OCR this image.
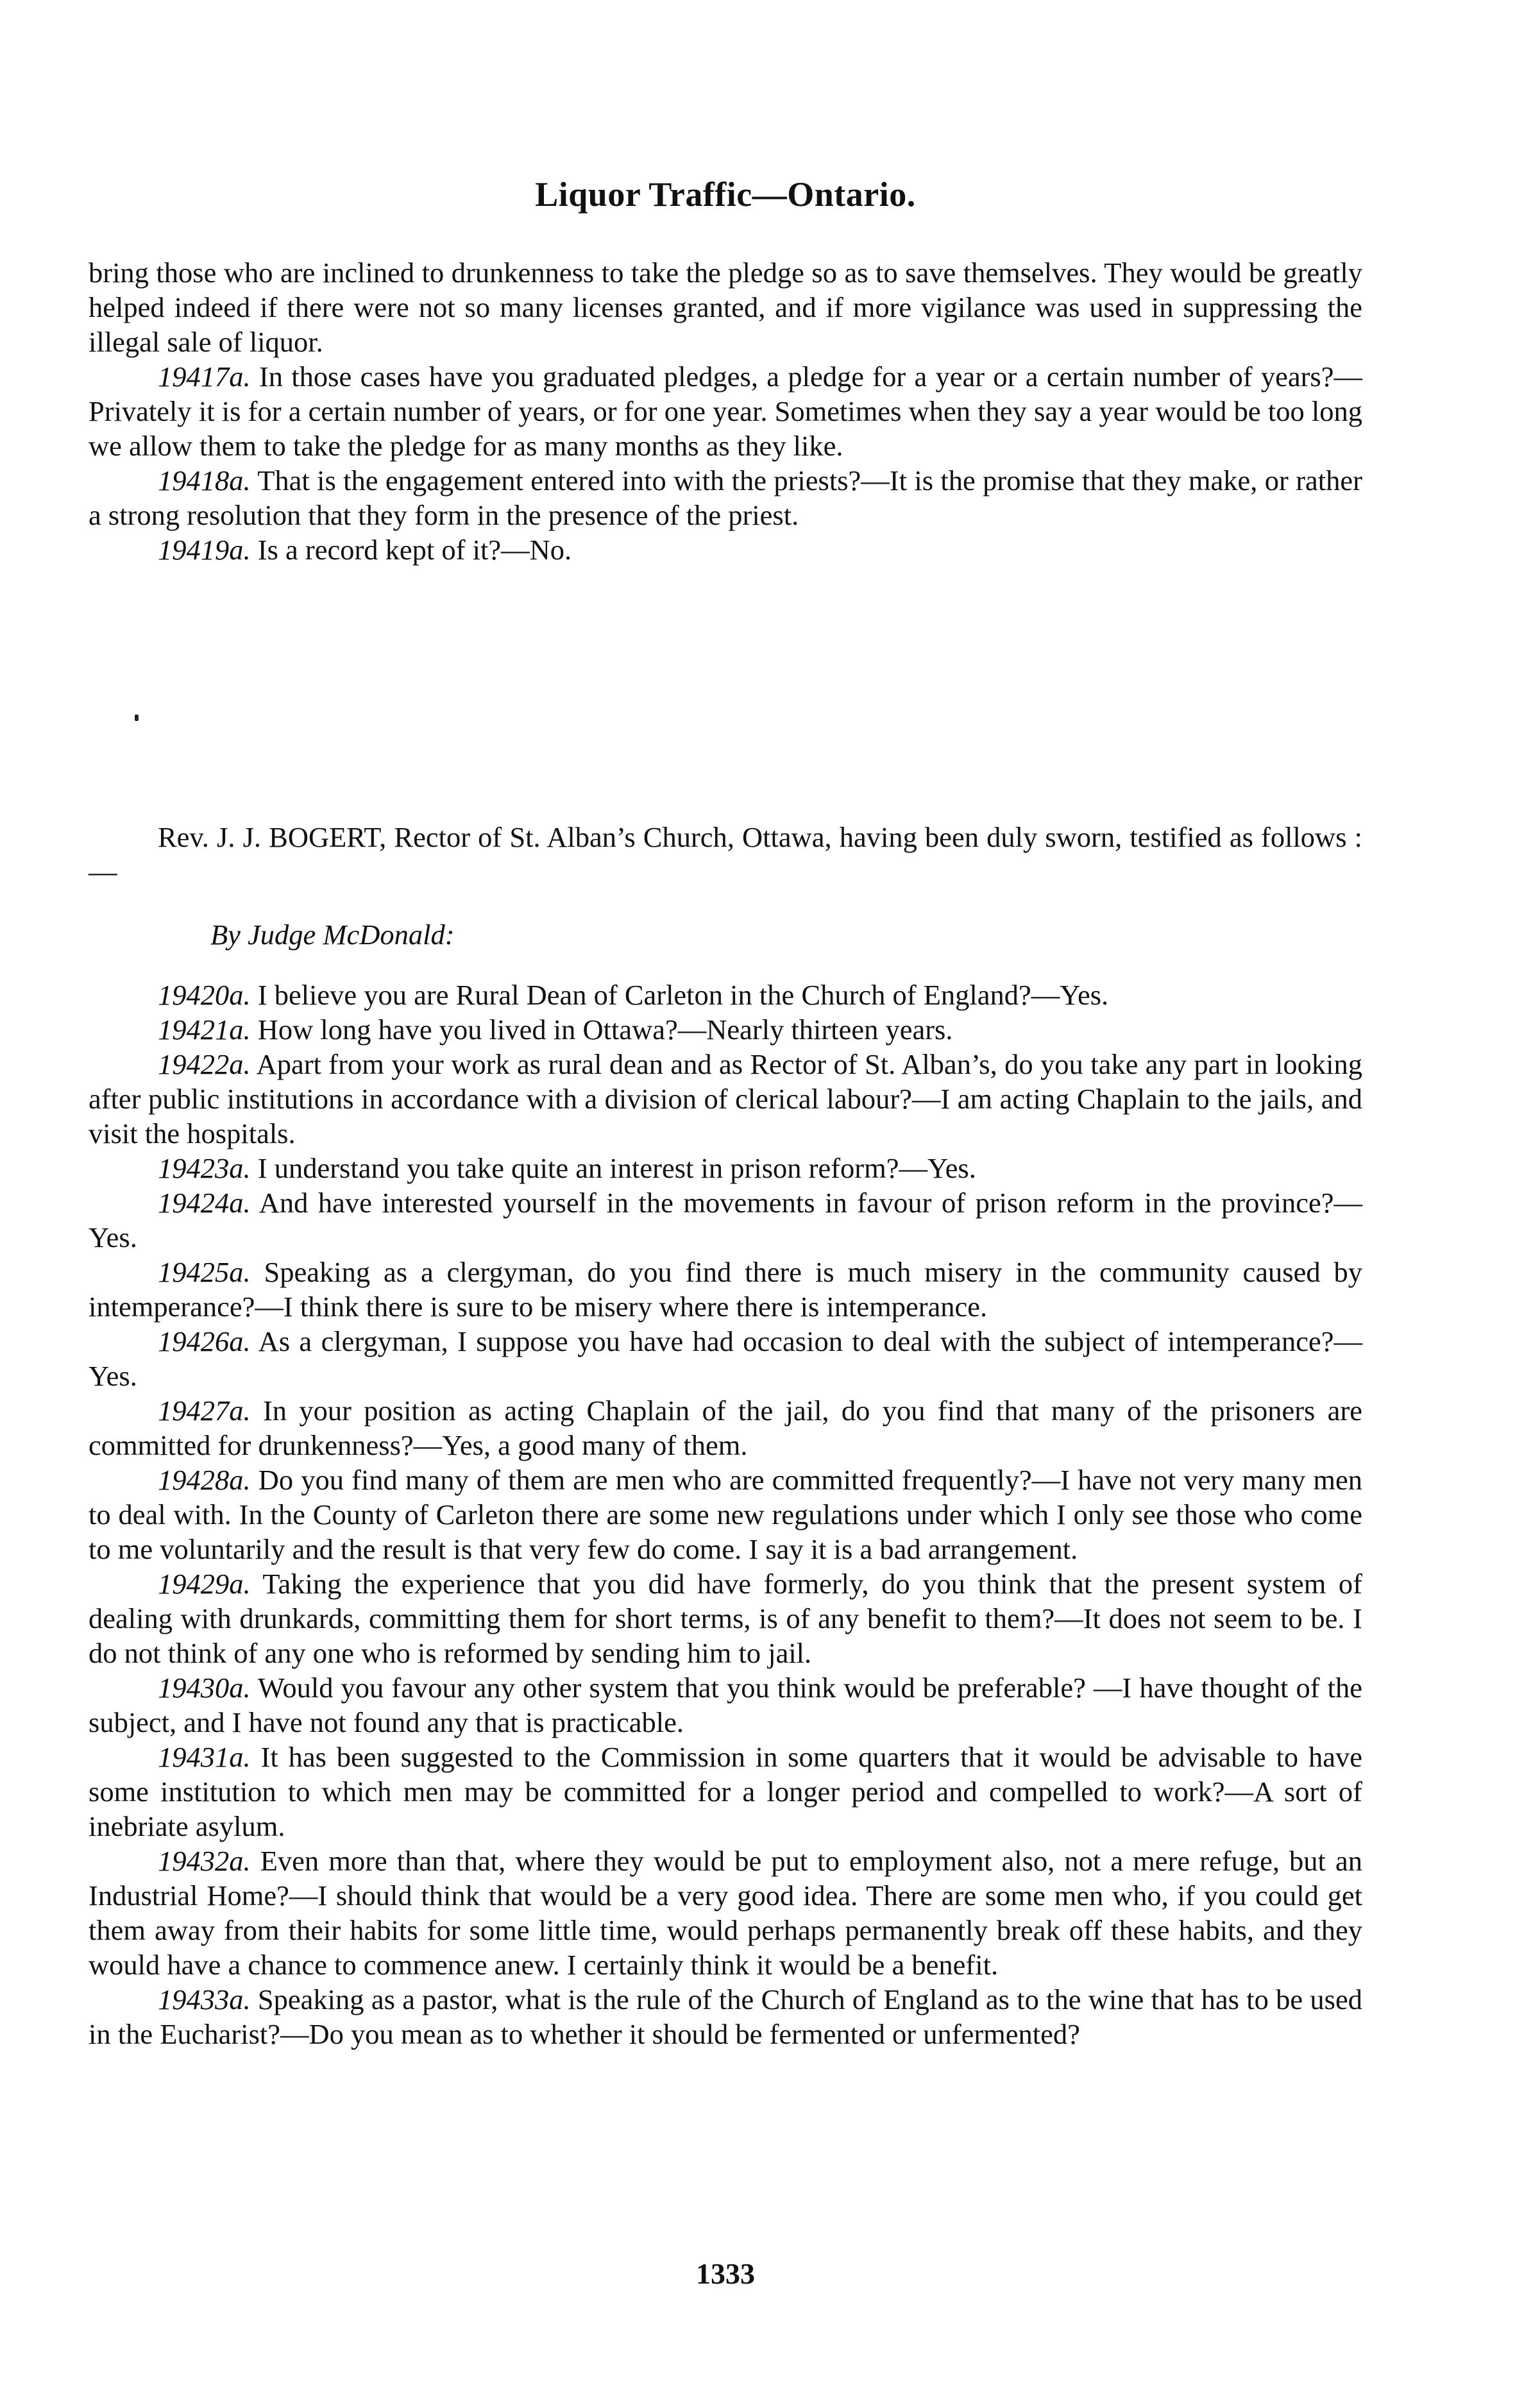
Liquor Traffic—Ontario.

bring those who are inclined to drunkenness to take the pledge so as to save themselves. They would be greatly helped indeed if there were not so many licenses granted, and if more vigilance was used in suppressing the illegal sale of liquor.

19417a. In those cases have you graduated pledges, a pledge for a year or a certain number of years?—Privately it is for a certain number of years, or for one year. Sometimes when they say a year would be too long we allow them to take the pledge for as many months as they like.

19418a. That is the engagement entered into with the priests?—It is the promise that they make, or rather a strong resolution that they form in the presence of the priest.

19419a. Is a record kept of it?—No.

Rev. J. J. BOGERT, Rector of St. Alban’s Church, Ottawa, having been duly sworn, testified as follows :—

By Judge McDonald:

19420a. I believe you are Rural Dean of Carleton in the Church of England?—Yes.

19421a. How long have you lived in Ottawa?—Nearly thirteen years.

19422a. Apart from your work as rural dean and as Rector of St. Alban’s, do you take any part in looking after public institutions in accordance with a division of clerical labour?—I am acting Chaplain to the jails, and visit the hospitals.

19423a. I understand you take quite an interest in prison reform?—Yes.

19424a. And have interested yourself in the movements in favour of prison reform in the province?—Yes.

19425a. Speaking as a clergyman, do you find there is much misery in the community caused by intemperance?—I think there is sure to be misery where there is intemperance.

19426a. As a clergyman, I suppose you have had occasion to deal with the subject of intemperance?—Yes.

19427a. In your position as acting Chaplain of the jail, do you find that many of the prisoners are committed for drunkenness?—Yes, a good many of them.

19428a. Do you find many of them are men who are committed frequently?—I have not very many men to deal with. In the County of Carleton there are some new regulations under which I only see those who come to me voluntarily and the result is that very few do come. I say it is a bad arrangement.

19429a. Taking the experience that you did have formerly, do you think that the present system of dealing with drunkards, committing them for short terms, is of any benefit to them?—It does not seem to be. I do not think of any one who is reformed by sending him to jail.

19430a. Would you favour any other system that you think would be preferable? —I have thought of the subject, and I have not found any that is practicable.

19431a. It has been suggested to the Commission in some quarters that it would be advisable to have some institution to which men may be committed for a longer period and compelled to work?—A sort of inebriate asylum.

19432a. Even more than that, where they would be put to employment also, not a mere refuge, but an Industrial Home?—I should think that would be a very good idea. There are some men who, if you could get them away from their habits for some little time, would perhaps permanently break off these habits, and they would have a chance to commence anew. I certainly think it would be a benefit.

19433a. Speaking as a pastor, what is the rule of the Church of England as to the wine that has to be used in the Eucharist?—Do you mean as to whether it should be fermented or unfermented?

1333
